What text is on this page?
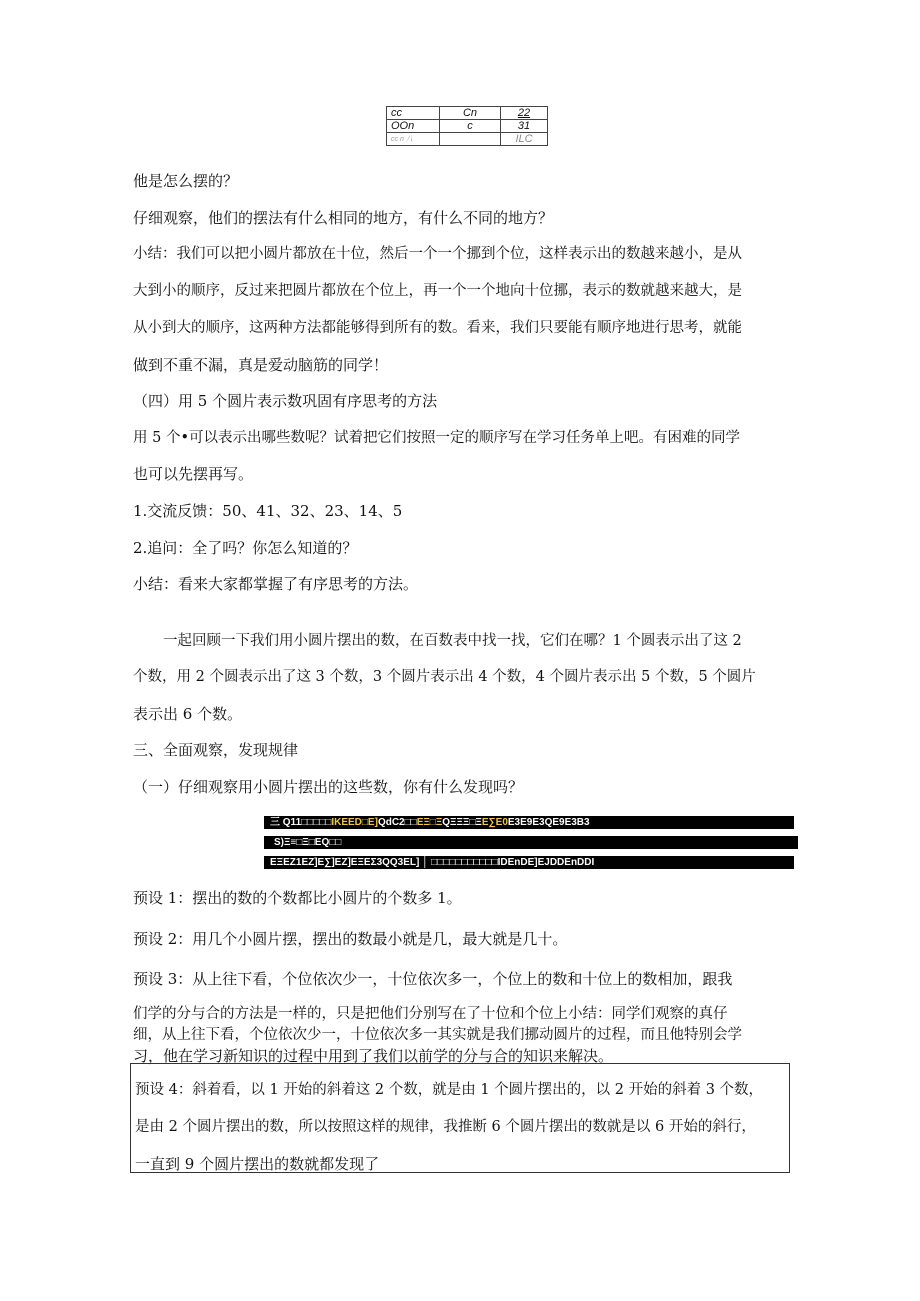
cc	Cn	22
OOn	c	31
cc n 八		ILC
他是怎么摆的？
仔细观察，他们的摆法有什么相同的地方，有什么不同的地方？
小结：我们可以把小圆片都放在十位，然后一个一个挪到个位，这样表示出的数越来越小，是从
大到小的顺序，反过来把圆片都放在个位上，再一个一个地向十位挪，表示的数就越来越大，是
从小到大的顺序，这两种方法都能够得到所有的数。看来，我们只要能有顺序地进行思考，就能
做到不重不漏，真是爱动脑筋的同学！
（四）用 5 个圆片表示数巩固有序思考的方法
用 5 个•可以表示出哪些数呢？试着把它们按照一定的顺序写在学习任务单上吧。有困难的同学
也可以先摆再写。
1.交流反馈：50、41、32、23、14、5
2.追问：全了吗？你怎么知道的？
小结：看来大家都掌握了有序思考的方法。
一起回顾一下我们用小圆片摆出的数，在百数表中找一找，它们在哪？1 个圆表示出了这 2
个数，用 2 个圆表示出了这 3 个数，3 个圆片表示出 4 个数，4 个圆片表示出 5 个数，5 个圆片
表示出 6 个数。
三、全面观察，发现规律
（一）仔细观察用小圆片摆出的这些数，你有什么发现吗？
三 Q11□□□□□IKEED□E]QdC2□□EΞ□ΞQΞΞΞ□ΞE∑E0E3E9E3QE9E3B3
S)Ξ≡□Ξ□EQ□□
EΞEZ1EZ]E∑]EZ]EΞEΣ3QQ3EL] │ □□□□□□□□□□□IDEnDE]EJDDEnDDI
预设 1：摆出的数的个数都比小圆片的个数多 1。
预设 2：用几个小圆片摆，摆出的数最小就是几，最大就是几十。
预设 3：从上往下看，个位依次少一，十位依次多一，个位上的数和十位上的数相加，跟我
们学的分与合的方法是一样的，只是把他们分别写在了十位和个位上小结：同学们观察的真仔
细，从上往下看，个位依次少一，十位依次多一其实就是我们挪动圆片的过程，而且他特别会学
习，他在学习新知识的过程中用到了我们以前学的分与合的知识来解决。
预设 4：斜着看，以 1 开始的斜着这 2 个数，就是由 1 个圆片摆出的，以 2 开始的斜着 3 个数，
是由 2 个圆片摆出的数，所以按照这样的规律，我推断 6 个圆片摆出的数就是以 6 开始的斜行，
一直到 9 个圆片摆出的数就都发现了
